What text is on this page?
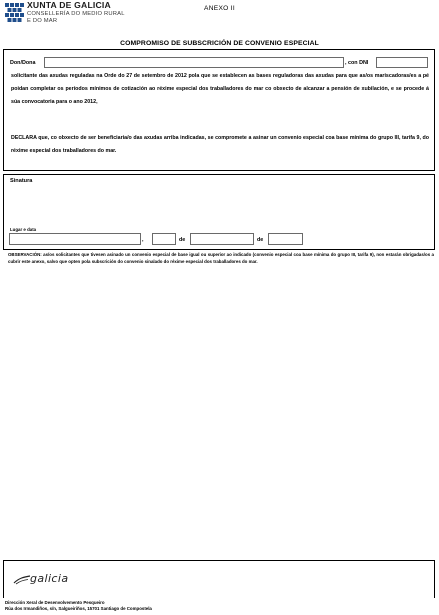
XUNTA DE GALICIA
CONSELLERÍA DO MEDIO RURAL
E DO MAR
ANEXO II
COMPROMISO DE SUBSCRICIÓN DE CONVENIO ESPECIAL
Don/Dona	, con DNI
solicitante das axudas reguladas na Orde do 27 de setembro de 2012 pola que se establecen as bases reguladoras das axudas para que as/os mariscadoras/es a pé poidan completar os períodos mínimos de cotización ao réxime especial dos traballadores do mar co obxecto de alcanzar a pensión de xubilación, e se procede á súa convocatoria para o ano 2012,
DECLARA que, co obxecto de ser beneficiaria/o das axudas arriba indicadas, se compromete a asinar un convenio especial coa base mínima do grupo III, tarifa 9, do réxime especial dos traballadores do mar.
Sinatura
Lugar e data
,	de	de
OBSERVACIÓN: as/os solicitantes que tivesen asinado un convenio especial de base igual ou superior ao indicado (convenio especial coa base mínima do grupo III, tarifa 9), non estarán obrigadas/os a cubrir este anexo, salvo que opten pola subscrición do convenio sinalado do réxime especial dos traballadores do mar.
galicia
Dirección Xeral de Desenvolvemento Pesqueiro
Rúa dos Irmandiños, s/n, Salgueiriños, 15701 Santiago de Compostela
